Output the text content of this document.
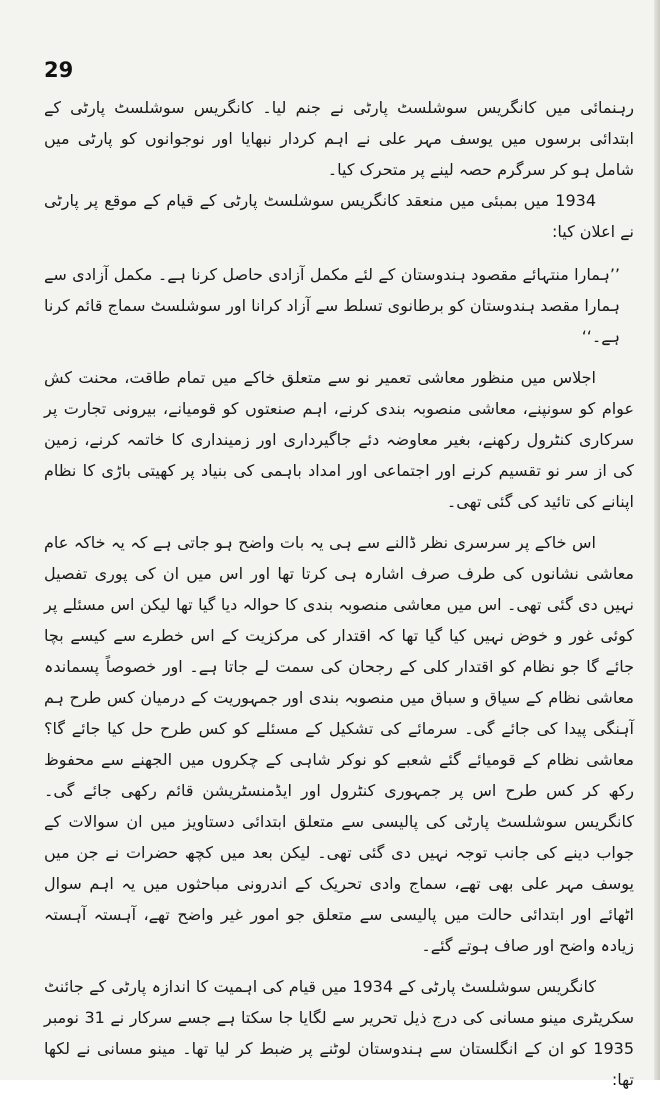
29

رہنمائی میں کانگریس سوشلسٹ پارٹی نے جنم لیا۔ کانگریس سوشلسٹ پارٹی کے ابتدائی برسوں میں یوسف مہر علی نے اہم کردار نبھایا اور نوجوانوں کو پارٹی میں شامل ہو کر سرگرم حصہ لینے پر متحرک کیا۔

1934 میں بمبئی میں منعقد کانگریس سوشلسٹ پارٹی کے قیام کے موقع پر پارٹی نے اعلان کیا:

’’ہمارا منتہائے مقصود ہندوستان کے لئے مکمل آزادی حاصل کرنا ہے۔ مکمل آزادی سے ہمارا مقصد ہندوستان کو برطانوی تسلط سے آزاد کرانا اور سوشلسٹ سماج قائم کرنا ہے۔‘‘

اجلاس میں منظور معاشی تعمیر نو سے متعلق خاکے میں تمام طاقت، محنت کش عوام کو سونپنے، معاشی منصوبہ بندی کرنے، اہم صنعتوں کو قومیانے، بیرونی تجارت پر سرکاری کنٹرول رکھنے، بغیر معاوضہ دئے جاگیرداری اور زمینداری کا خاتمہ کرنے، زمین کی از سر نو تقسیم کرنے اور اجتماعی اور امداد باہمی کی بنیاد پر کھیتی باڑی کا نظام اپنانے کی تائید کی گئی تھی۔

اس خاکے پر سرسری نظر ڈالنے سے ہی یہ بات واضح ہو جاتی ہے کہ یہ خاکہ عام معاشی نشانوں کی طرف صرف اشارہ ہی کرتا تھا اور اس میں ان کی پوری تفصیل نہیں دی گئی تھی۔ اس میں معاشی منصوبہ بندی کا حوالہ دیا گیا تھا لیکن اس مسئلے پر کوئی غور و خوض نہیں کیا گیا تھا کہ اقتدار کی مرکزیت کے اس خطرے سے کیسے بچا جائے گا جو نظام کو اقتدار کلی کے رجحان کی سمت لے جاتا ہے۔ اور خصوصاً پسماندہ معاشی نظام کے سیاق و سباق میں منصوبہ بندی اور جمہوریت کے درمیان کس طرح ہم آہنگی پیدا کی جائے گی۔ سرمائے کی تشکیل کے مسئلے کو کس طرح حل کیا جائے گا؟ معاشی نظام کے قومیائے گئے شعبے کو نوکر شاہی کے چکروں میں الجھنے سے محفوظ رکھ کر کس طرح اس پر جمہوری کنٹرول اور ایڈمنسٹریشن قائم رکھی جائے گی۔ کانگریس سوشلسٹ پارٹی کی پالیسی سے متعلق ابتدائی دستاویز میں ان سوالات کے جواب دینے کی جانب توجہ نہیں دی گئی تھی۔ لیکن بعد میں کچھ حضرات نے جن میں یوسف مہر علی بھی تھے، سماج وادی تحریک کے اندرونی مباحثوں میں یہ اہم سوال اٹھائے اور ابتدائی حالت میں پالیسی سے متعلق جو امور غیر واضح تھے، آہستہ آہستہ زیادہ واضح اور صاف ہوتے گئے۔

کانگریس سوشلسٹ پارٹی کے 1934 میں قیام کی اہمیت کا اندازہ پارٹی کے جائنٹ سکریٹری مینو مسانی کی درج ذیل تحریر سے لگایا جا سکتا ہے جسے سرکار نے 31 نومبر 1935 کو ان کے انگلستان سے ہندوستان لوٹنے پر ضبط کر لیا تھا۔ مینو مسانی نے لکھا تھا:
